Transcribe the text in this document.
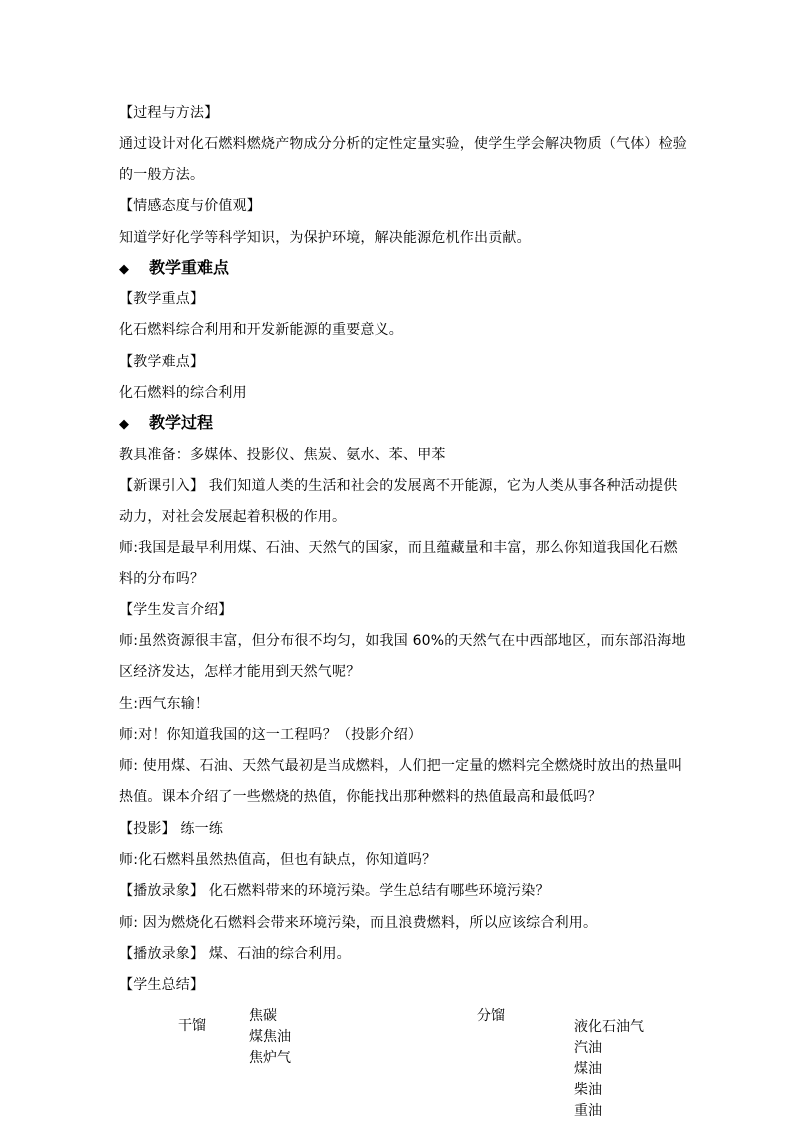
【过程与方法】
通过设计对化石燃料燃烧产物成分分析的定性定量实验，使学生学会解决物质（气体）检验
的一般方法。
【情感态度与价值观】
知道学好化学等科学知识，为保护环境，解决能源危机作出贡献。
◆ 教学重难点
【教学重点】
化石燃料综合利用和开发新能源的重要意义。
【教学难点】
化石燃料的综合利用
◆ 教学过程
教具准备：多媒体、投影仪、焦炭、氨水、苯、甲苯
【新课引入】 我们知道人类的生活和社会的发展离不开能源，它为人类从事各种活动提供
动力，对社会发展起着积极的作用。
师:我国是最早利用煤、石油、天然气的国家，而且蕴藏量和丰富，那么你知道我国化石燃
料的分布吗？
【学生发言介绍】
师:虽然资源很丰富，但分布很不均匀，如我国 60%的天然气在中西部地区，而东部沿海地
区经济发达，怎样才能用到天然气呢？
生:西气东输！
师:对！你知道我国的这一工程吗？（投影介绍）
师: 使用煤、石油、天然气最初是当成燃料，人们把一定量的燃料完全燃烧时放出的热量叫
热值。课本介绍了一些燃烧的热值，你能找出那种燃料的热值最高和最低吗？
【投影】 练一练
师:化石燃料虽然热值高，但也有缺点，你知道吗？
【播放录象】 化石燃料带来的环境污染。学生总结有哪些环境污染？
师: 因为燃烧化石燃料会带来环境污染，而且浪费燃料，所以应该综合利用。
【播放录象】 煤、石油的综合利用。
【学生总结】
干馏
焦碳
煤焦油
焦炉气
分馏
液化石油气
汽油
煤油
柴油
重油
